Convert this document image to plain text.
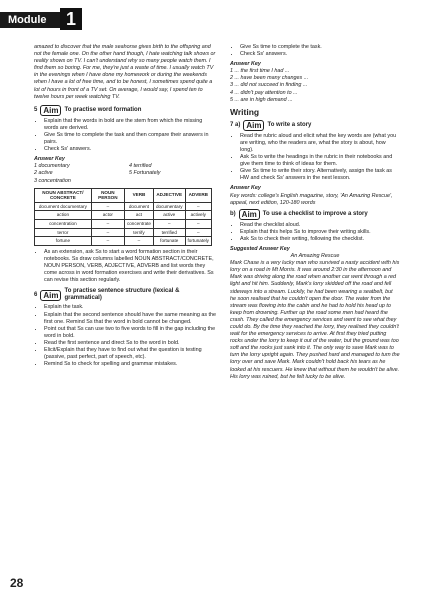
Module	1

amazed to discover that the male seahorse gives birth to the offspring and not the female one. On the other hand though, I hate watching talk shows or reality shows on TV. I can't understand why so many people watch them. I find them so boring. For me, they're just a waste of time. I usually watch TV in the evenings when I have done my homework or during the weekends when I have a lot of free time, and to be honest, I sometimes spend quite a lot of hours in front of a TV set. On average, I would say, I spend ten to twelve hours per week watching TV.

5 Aim	To practise word formation
• Explain that the words in bold are the stem from which the missing words are derived.
• Give Ss time to complete the task and then compare their answers in pairs.
• Check Ss' answers.
Answer Key
1 documentary	4 terrified
2 active	5 Fortunately
3 concentration
NOUN ABSTRACT/ CONCRETE	NOUN PERSON	VERB	ADJECTIVE	ADVERB
document documentary	–	document	documentary	–
action	actor	act	active	actively
concentration	–	concentrate	–	–
terror	–	terrify	terrified	–
fortune	–	–	fortunate	fortunately
• As an extension, ask Ss to start a word formation section in their notebooks. Ss draw columns labelled NOUN ABSTRACT/CONCRETE, NOUN PERSON, VERB, ADJECTIVE, ADVERB and list words they come across in word formation exercises and write their derivatives. Ss can revise this section regularly.
6 Aim	To practise sentence structure (lexical & grammatical)
• Explain the task.
• Explain that the second sentence should have the same meaning as the first one. Remind Ss that the word in bold cannot be changed.
• Point out that Ss can use two to five words to fill in the gap including the word in bold.
• Read the first sentence and direct Ss to the word in bold.
• Elicit/Explain that they have to find out what the question is testing (passive, past perfect, part of speech, etc).
• Remind Ss to check for spelling and grammar mistakes.
• Give Ss time to complete the task.
• Check Ss' answers.
Answer Key
1 ... the first time I had ...
2 ... have been many changes ...
3 ... did not succeed in finding ...
4 ... didn't pay attention to ...
5 ... are in high demand ...
Writing
7 a) Aim	To write a story
• Read the rubric aloud and elicit what the key words are (what you are writing, who the readers are, what the story is about, how long).
• Ask Ss to write the headings in the rubric in their notebooks and give them time to think of ideas for them.
• Give Ss time to write their story. Alternatively, assign the task as HW and check Ss' answers in the next lesson.
Answer Key

Key words: college's English magazine, story, 'An Amazing Rescue', appeal, next edition, 120-180 words

b) Aim	To use a checklist to improve a story
• Read the checklist aloud.
• Explain that this helps Ss to improve their writing skills.
• Ask Ss to check their writing, following the checklist.
Suggested Answer Key
An Amazing Rescue

Mark Chase is a very lucky man who survived a nasty accident with his lorry on a road in Mt Morris. It was around 2:30 in the afternoon and Mark was driving along the road when another car went through a red light and hit him. Suddenly, Mark's lorry skidded off the road and fell sideways into a stream. Luckily, he had been wearing a seatbelt, but he soon realised that he couldn't open the door. The water from the stream was flowing into the cabin and he had to hold his head up to keep from drowning. Further up the road some men had heard the crash. They called the emergency services and went to see what they could do. By the time they reached the lorry, they realised they couldn't wait for the emergency services to arrive. At first they tried putting rocks under the lorry to keep it out of the water, but the ground was too soft and the rocks just sank into it. The only way to save Mark was to turn the lorry upright again. They pushed hard and managed to turn the lorry over and save Mark. Mark couldn't hold back his tears as he looked at his rescuers. He knew that without them he wouldn't be alive. His lorry was ruined, but he felt lucky to be alive.

28
